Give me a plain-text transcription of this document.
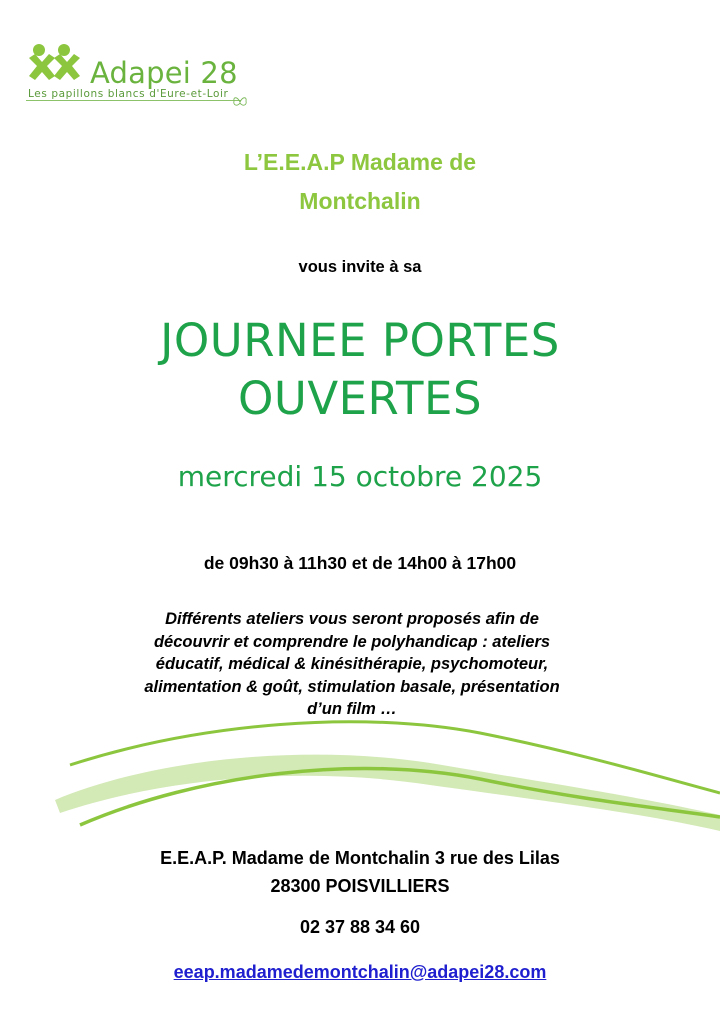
Adapei 28
Les papillons blancs d'Eure-et-Loir
L’E.E.A.P Madame de
Montchalin
vous invite à sa
JOURNEE PORTES
OUVERTES
mercredi 15 octobre 2025
de 09h30 à 11h30 et de 14h00 à 17h00
Différents ateliers vous seront proposés afin de
découvrir et comprendre le polyhandicap : ateliers
éducatif, médical & kinésithérapie, psychomoteur,
alimentation & goût, stimulation basale, présentation
d’un film …
E.E.A.P. Madame de Montchalin 3 rue des Lilas
28300 POISVILLIERS
02 37 88 34 60
eeap.madamedemontchalin@adapei28.com
